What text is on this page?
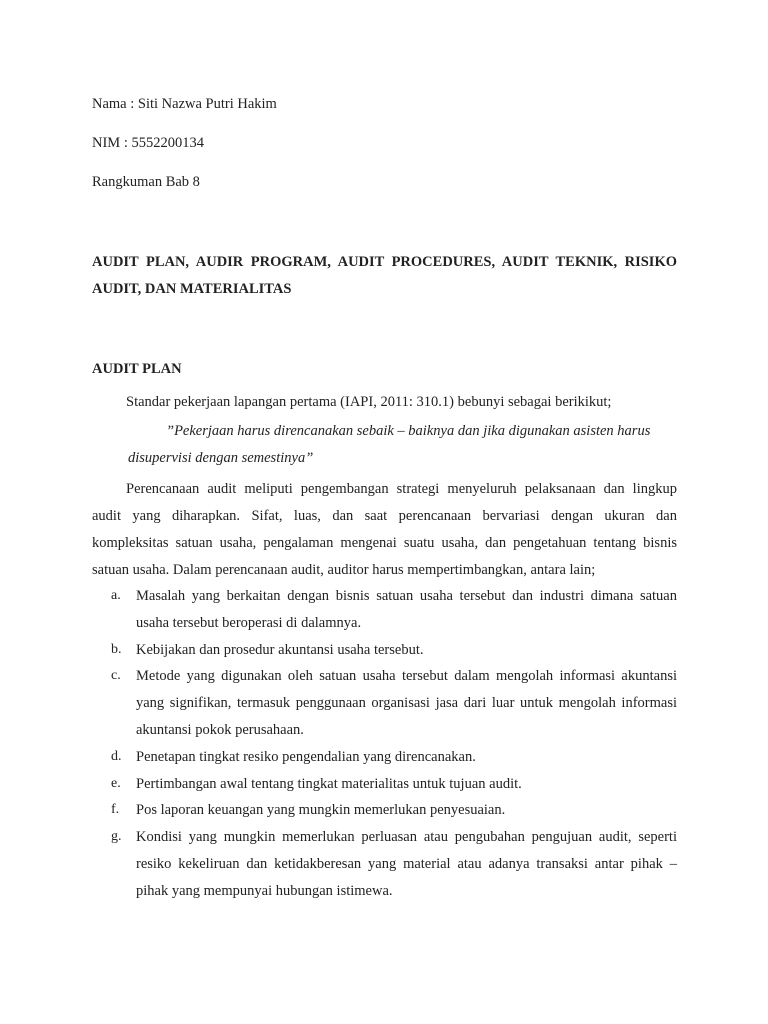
Nama : Siti Nazwa Putri Hakim

NIM : 5552200134

Rangkuman Bab 8

AUDIT PLAN, AUDIR PROGRAM, AUDIT PROCEDURES, AUDIT TEKNIK, RISIKO

AUDIT, DAN MATERIALITAS

AUDIT PLAN

Standar pekerjaan lapangan pertama (IAPI, 2011: 310.1) bebunyi sebagai berikikut;

”Pekerjaan harus direncanakan sebaik – baiknya dan jika digunakan asisten harus

disupervisi dengan semestinya”

Perencanaan audit meliputi pengembangan strategi menyeluruh pelaksanaan dan lingkup

audit yang diharapkan. Sifat, luas, dan saat perencanaan bervariasi dengan ukuran dan

kompleksitas satuan usaha, pengalaman mengenai suatu usaha, dan pengetahuan tentang bisnis

satuan usaha. Dalam perencanaan audit, auditor harus mempertimbangkan, antara lain;

a. Masalah yang berkaitan dengan bisnis satuan usaha tersebut dan industri dimana satuan

usaha tersebut beroperasi di dalamnya.

b. Kebijakan dan prosedur akuntansi usaha tersebut.

c. Metode yang digunakan oleh satuan usaha tersebut dalam mengolah informasi akuntansi

yang signifikan, termasuk penggunaan organisasi jasa dari luar untuk mengolah informasi

akuntansi pokok perusahaan.

d. Penetapan tingkat resiko pengendalian yang direncanakan.

e. Pertimbangan awal tentang tingkat materialitas untuk tujuan audit.

f. Pos laporan keuangan yang mungkin memerlukan penyesuaian.

g. Kondisi yang mungkin memerlukan perluasan atau pengubahan pengujuan audit, seperti

resiko kekeliruan dan ketidakberesan yang material atau adanya transaksi antar pihak –

pihak yang mempunyai hubungan istimewa.
